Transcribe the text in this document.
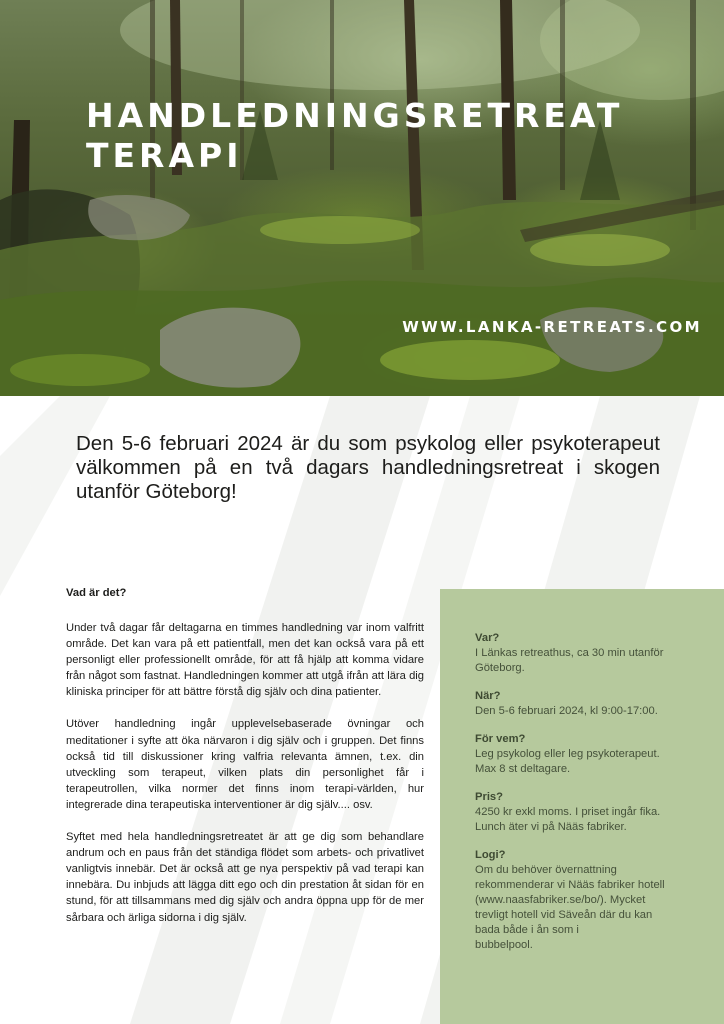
HANDLEDNINGSRETREAT
TERAPI
WWW.LANKA-RETREATS.COM

Den 5-6 februari 2024 är du som psykolog eller psykoterapeut välkommen på en två dagars handledningsretreat i skogen utanför Göteborg!

Vad är det?

Under två dagar får deltagarna en timmes handledning var inom valfritt område. Det kan vara på ett patientfall, men det kan också vara på ett personligt eller professionellt område, för att få hjälp att komma vidare från något som fastnat. Handledningen kommer att utgå ifrån att lära dig kliniska principer för att bättre förstå dig själv och dina patienter.

Utöver handledning ingår upplevelsebaserade övningar och meditationer i syfte att öka närvaron i dig själv och i gruppen. Det finns också tid till diskussioner kring valfria relevanta ämnen, t.ex. din utveckling som terapeut, vilken plats din personlighet får i terapeutrollen, vilka normer det finns inom terapi-världen, hur integrerade dina terapeutiska interventioner är dig själv.... osv.

Syftet med hela handledningsretreatet är att ge dig som behandlare andrum och en paus från det ständiga flödet som arbets- och privatlivet vanligtvis innebär. Det är också att ge nya perspektiv på vad terapi kan innebära. Du inbjuds att lägga ditt ego och din prestation åt sidan för en stund, för att tillsammans med dig själv och andra öppna upp för de mer sårbara och ärliga sidorna i dig själv.

Var?
I Länkas retreathus, ca 30 min utanför
Göteborg.
När?
Den 5-6 februari 2024, kl 9:00-17:00.
För vem?
Leg psykolog eller leg psykoterapeut.
Max 8 st deltagare.
Pris?
4250 kr exkl moms. I priset ingår fika.
Lunch äter vi på Nääs fabriker.
Logi?
Om du behöver övernattning
rekommenderar vi Nääs fabriker hotell
(www.naasfabriker.se/bo/). Mycket
trevligt hotell vid Säveån där du kan
bada både i ån som i
bubbelpool.
